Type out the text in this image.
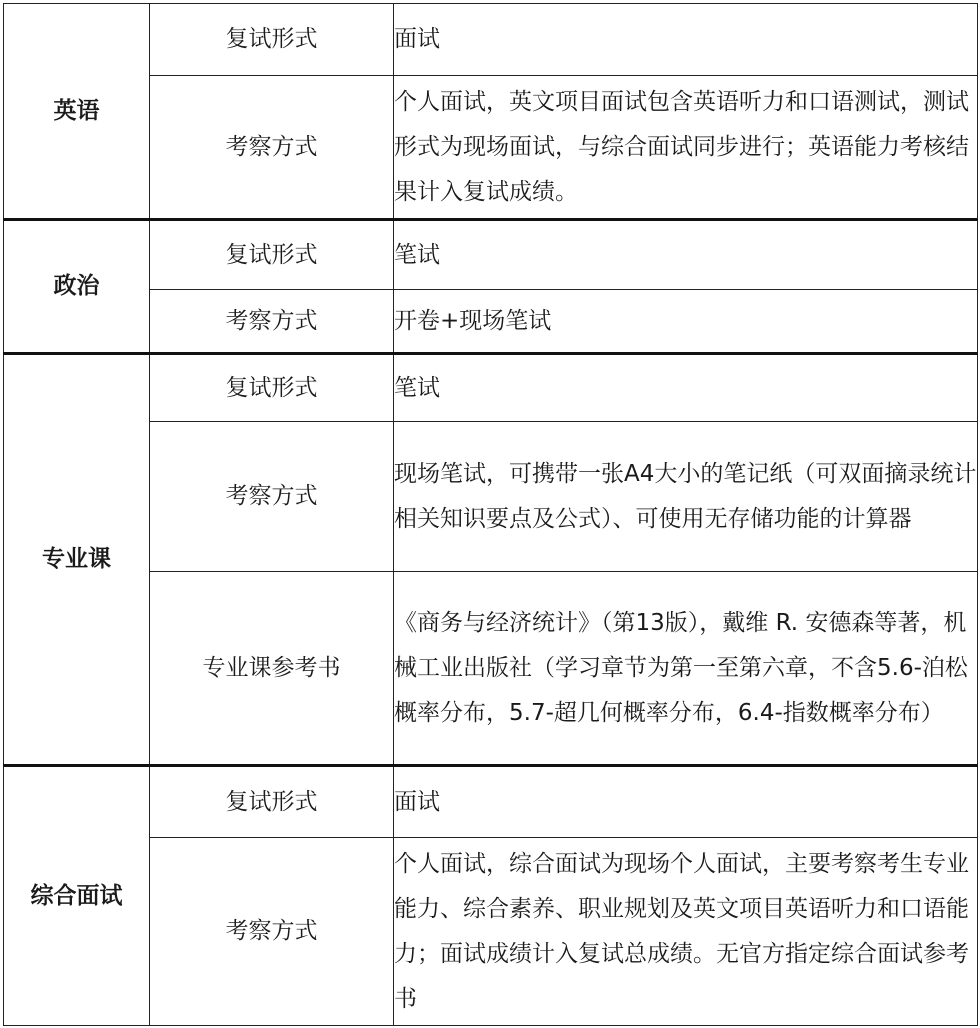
英语	复试形式	面试
	考察方式	个人面试，英文项目面试包含英语听力和口语测试，测试形式为现场面试，与综合面试同步进行；英语能力考核结果计入复试成绩。
政治	复试形式	笔试
	考察方式	开卷+现场笔试
专业课	复试形式	笔试
	考察方式	现场笔试，可携带一张A4大小的笔记纸（可双面摘录统计相关知识要点及公式）、可使用无存储功能的计算器
	专业课参考书	《商务与经济统计》（第13版），戴维 R. 安德森等著，机械工业出版社（学习章节为第一至第六章，不含5.6-泊松概率分布，5.7-超几何概率分布，6.4-指数概率分布）
综合面试	复试形式	面试
	考察方式	个人面试，综合面试为现场个人面试，主要考察考生专业能力、综合素养、职业规划及英文项目英语听力和口语能力；面试成绩计入复试总成绩。无官方指定综合面试参考书
